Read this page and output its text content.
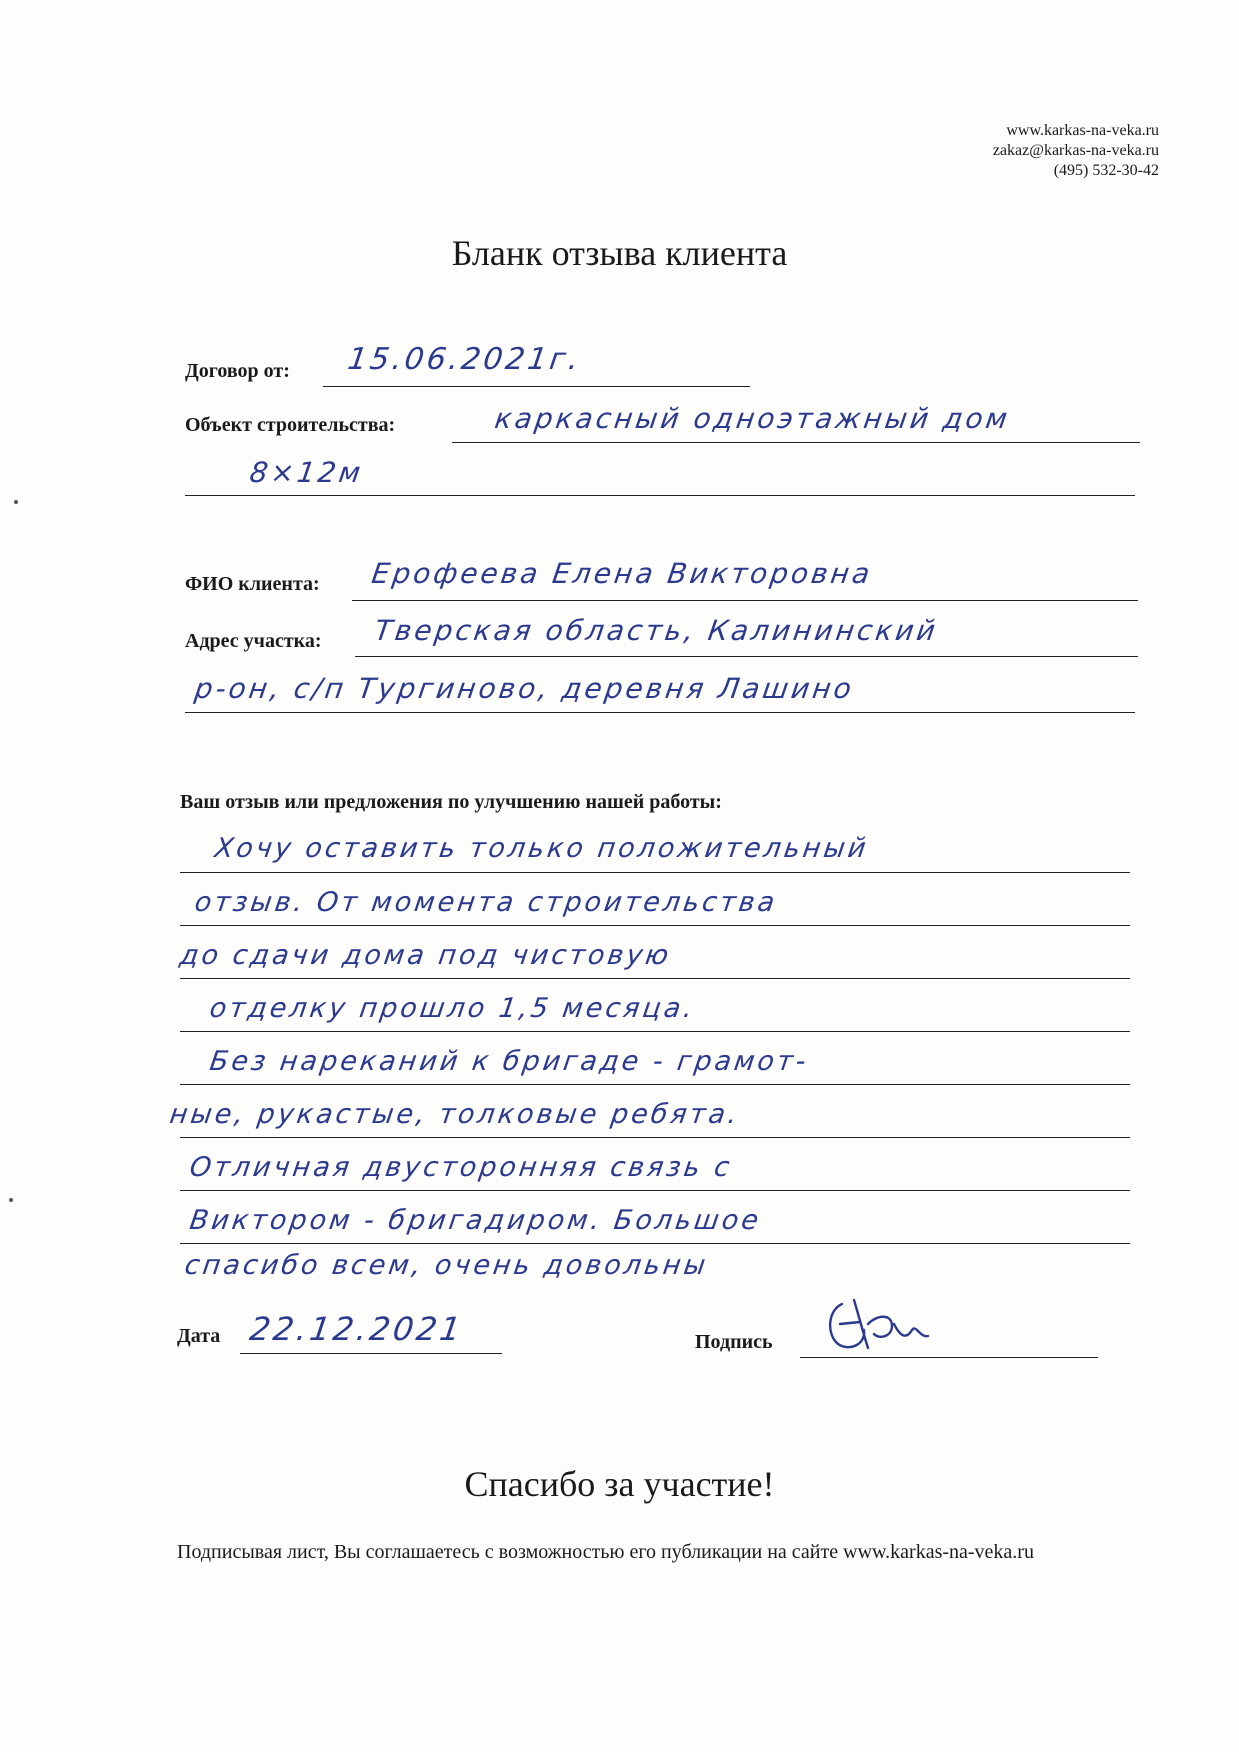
www.karkas-na-veka.ru
zakaz@karkas-na-veka.ru
(495) 532-30-42
Бланк отзыва клиента
Договор от: 15.06.2021г.
Объект строительства:	каркасный одноэтажный дом
8×12м
ФИО клиента: Ерофеева Елена Викторовна
Адрес участка: Тверская область, Калининский
р-он, с/п Тургиново, деревня Лашино
Ваш отзыв или предложения по улучшению нашей работы:
Хочу оставить только положительный
отзыв. От момента строительства
до сдачи дома под чистовую
отделку прошло 1,5 месяца.
Без нареканий к бригаде - грамот-
ные, рукастые, толковые ребята.
Отличная двусторонняя связь с
Виктором - бригадиром. Большое
спасибо всем, очень довольны
Дата 22.12.2021	Подпись
Спасибо за участие!
Подписывая лист, Вы соглашаетесь с возможностью его публикации на сайте www.karkas-na-veka.ru
